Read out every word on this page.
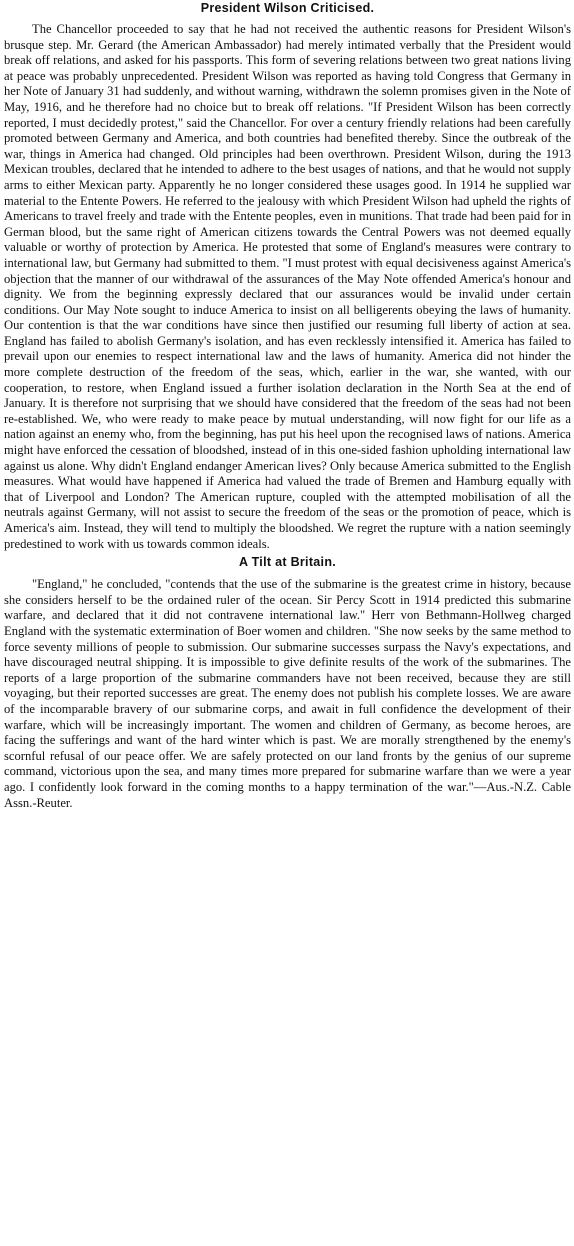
President Wilson Criticised.

The Chancellor proceeded to say that he had not received the authentic reasons for President Wilson's brusque step. Mr. Gerard (the American Ambassador) had merely intimated verbally that the President would break off relations, and asked for his passports. This form of severing relations between two great nations living at peace was probably unprecedented. President Wilson was reported as having told Congress that Germany in her Note of January 31 had suddenly, and without warning, withdrawn the solemn promises given in the Note of May, 1916, and he therefore had no choice but to break off relations. "If President Wilson has been correctly reported, I must decidedly protest," said the Chancellor. For over a century friendly relations had been carefully promoted between Germany and America, and both countries had benefited thereby. Since the outbreak of the war, things in America had changed. Old principles had been overthrown. President Wilson, during the 1913 Mexican troubles, declared that he intended to adhere to the best usages of nations, and that he would not supply arms to either Mexican party. Apparently he no longer considered these usages good. In 1914 he supplied war material to the Entente Powers. He referred to the jealousy with which President Wilson had upheld the rights of Americans to travel freely and trade with the Entente peoples, even in munitions. That trade had been paid for in German blood, but the same right of American citizens towards the Central Powers was not deemed equally valuable or worthy of protection by America. He protested that some of England's measures were contrary to international law, but Germany had submitted to them. "I must protest with equal decisiveness against America's objection that the manner of our withdrawal of the assurances of the May Note offended America's honour and dignity. We from the beginning expressly declared that our assurances would be invalid under certain conditions. Our May Note sought to induce America to insist on all belligerents obeying the laws of humanity. Our contention is that the war conditions have since then justified our resuming full liberty of action at sea. England has failed to abolish Germany's isolation, and has even recklessly intensified it. America has failed to prevail upon our enemies to respect international law and the laws of humanity. America did not hinder the more complete destruction of the freedom of the seas, which, earlier in the war, she wanted, with our cooperation, to restore, when England issued a further isolation declaration in the North Sea at the end of January. It is therefore not surprising that we should have considered that the freedom of the seas had not been re-established. We, who were ready to make peace by mutual understanding, will now fight for our life as a nation against an enemy who, from the beginning, has put his heel upon the recognised laws of nations. America might have enforced the cessation of bloodshed, instead of in this one-sided fashion upholding international law against us alone. Why didn't England endanger American lives? Only because America submitted to the English measures. What would have happened if America had valued the trade of Bremen and Hamburg equally with that of Liverpool and London? The American rupture, coupled with the attempted mobilisation of all the neutrals against Germany, will not assist to secure the freedom of the seas or the promotion of peace, which is America's aim. Instead, they will tend to multiply the bloodshed. We regret the rupture with a nation seemingly predestined to work with us towards common ideals.

A Tilt at Britain.

"England," he concluded, "contends that the use of the submarine is the greatest crime in history, because she considers herself to be the ordained ruler of the ocean. Sir Percy Scott in 1914 predicted this submarine warfare, and declared that it did not contravene international law." Herr von Bethmann-Hollweg charged England with the systematic extermination of Boer women and children. "She now seeks by the same method to force seventy millions of people to submission. Our submarine successes surpass the Navy's expectations, and have discouraged neutral shipping. It is impossible to give definite results of the work of the submarines. The reports of a large proportion of the submarine commanders have not been received, because they are still voyaging, but their reported successes are great. The enemy does not publish his complete losses. We are aware of the incomparable bravery of our submarine corps, and await in full confidence the development of their warfare, which will be increasingly important. The women and children of Germany, as become heroes, are facing the sufferings and want of the hard winter which is past. We are morally strengthened by the enemy's scornful refusal of our peace offer. We are safely protected on our land fronts by the genius of our supreme command, victorious upon the sea, and many times more prepared for submarine warfare than we were a year ago. I confidently look forward in the coming months to a happy termination of the war."—Aus.-N.Z. Cable Assn.-Reuter.
